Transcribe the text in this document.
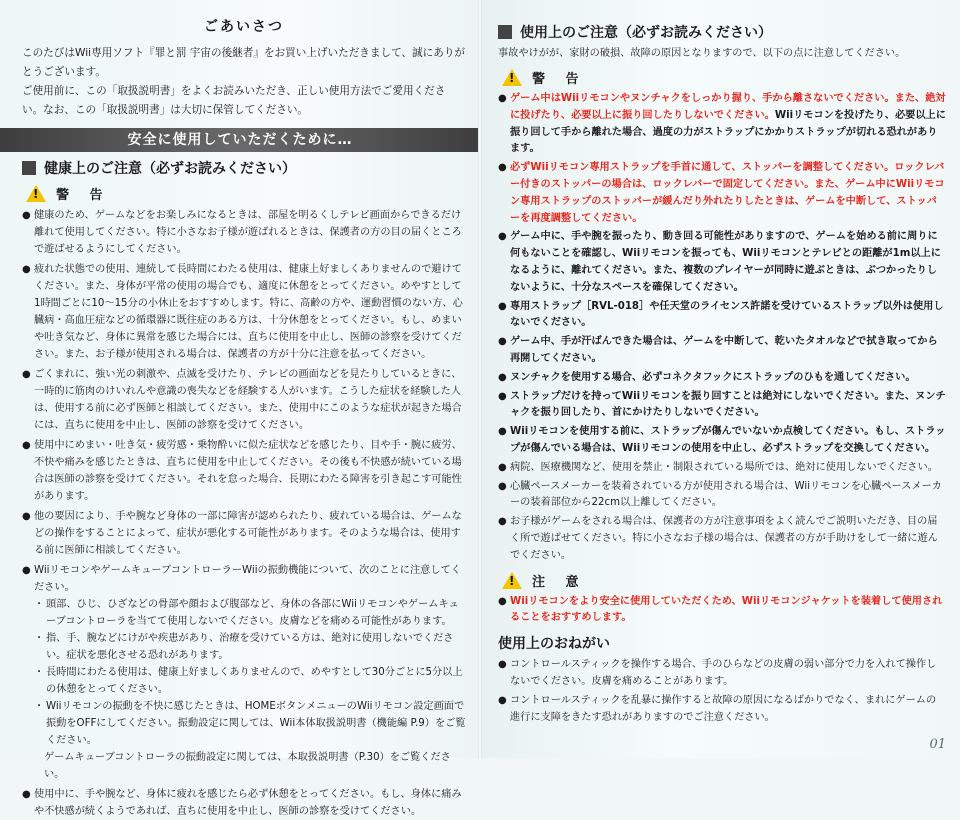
ごあいさつ

このたびはWii専用ソフト『罪と罰 宇宙の後継者』をお買い上げいただきまして、誠にありがとうございます。

ご使用前に、この「取扱説明書」をよくお読みいただき、正しい使用方法でご愛用ください。なお、この「取扱説明書」は大切に保管してください。

安全に使用していただくために…
健康上のご注意（必ずお読みください）
!
警 告
● 健康のため、ゲームなどをお楽しみになるときは、部屋を明るくしテレビ画面からできるだけ離れて使用してください。特に小さなお子様が遊ばれるときは、保護者の方の目の届くところで遊ばせるようにしてください。
● 疲れた状態での使用、連続して長時間にわたる使用は、健康上好ましくありませんので避けてください。また、身体が平常の使用の場合でも、適度に休憩をとってください。めやすとして1時間ごとに10〜15分の小休止をおすすめします。特に、高齢の方や、運動習慣のない方、心臓病・高血圧症などの循環器に既往症のある方は、十分休憩をとってください。もし、めまいや吐き気など、身体に異常を感じた場合には、直ちに使用を中止し、医師の診察を受けてください。また、お子様が使用される場合は、保護者の方が十分に注意を払ってください。
● ごくまれに、強い光の刺激や、点滅を受けたり、テレビの画面などを見たりしているときに、一時的に筋肉のけいれんや意識の喪失などを経験する人がいます。こうした症状を経験した人は、使用する前に必ず医師と相談してください。また、使用中にこのような症状が起きた場合には、直ちに使用を中止し、医師の診察を受けてください。
● 使用中にめまい・吐き気・疲労感・乗物酔いに似た症状などを感じたり、目や手・腕に疲労、不快や痛みを感じたときは、直ちに使用を中止してください。その後も不快感が続いている場合は医師の診察を受けてください。それを怠った場合、長期にわたる障害を引き起こす可能性があります。
● 他の要因により、手や腕など身体の一部に障害が認められたり、疲れている場合は、ゲームなどの操作をすることによって、症状が悪化する可能性があります。そのような場合は、使用する前に医師に相談してください。
● WiiリモコンやゲームキューブコントローラーWiiの振動機能について、次のことに注意してください。
・ 頭部、ひじ、ひざなどの骨部や顔および腹部など、身体の各部にWiiリモコンやゲームキューブコントローラを当てて使用しないでください。皮膚などを痛める可能性があります。
・ 指、手、腕などにけがや疾患があり、治療を受けている方は、絶対に使用しないでください。症状を悪化させる恐れがあります。
・ 長時間にわたる使用は、健康上好ましくありませんので、めやすとして30分ごとに5分以上の休憩をとってください。
・ Wiiリモコンの振動を不快に感じたときは、HOMEボタンメニューのWiiリモコン設定画面で振動をOFFにしてください。振動設定に関しては、Wii本体取扱説明書（機能編 P.9）をご覧ください。
ゲームキューブコントローラの振動設定に関しては、本取扱説明書（P.30）をご覧ください。
● 使用中に、手や腕など、身体に疲れを感じたら必ず休憩をとってください。もし、身体に痛みや不快感が続くようであれば、直ちに使用を中止し、医師の診察を受けてください。
使用上のご注意（必ずお読みください）

事故やけがが、家財の破損、故障の原因となりますので、以下の点に注意してください。

!
警 告
● ゲーム中はWiiリモコンやヌンチャクをしっかり握り、手から離さないでください。また、絶対に投げたり、必要以上に振り回したりしないでください。Wiiリモコンを投げたり、必要以上に振り回して手から離れた場合、過度の力がストラップにかかりストラップが切れる恐れがあります。
● 必ずWiiリモコン専用ストラップを手首に通して、ストッパーを調整してください。ロックレバー付きのストッパーの場合は、ロックレバーで固定してください。また、ゲーム中にWiiリモコン専用ストラップのストッパーが緩んだり外れたりしたときは、ゲームを中断して、ストッパーを再度調整してください。
● ゲーム中に、手や腕を振ったり、動き回る可能性がありますので、ゲームを始める前に周りに何もないことを確認し、Wiiリモコンを振っても、Wiiリモコンとテレビとの距離が1m以上になるように、離れてください。また、複数のプレイヤーが同時に遊ぶときは、ぶつかったりしないように、十分なスペースを確保してください。
● 専用ストラップ［RVL-018］や任天堂のライセンス許諾を受けているストラップ以外は使用しないでください。
● ゲーム中、手が汗ばんできた場合は、ゲームを中断して、乾いたタオルなどで拭き取ってから再開してください。
● ヌンチャクを使用する場合、必ずコネクタフックにストラップのひもを通してください。
● ストラップだけを持ってWiiリモコンを振り回すことは絶対にしないでください。また、ヌンチャクを振り回したり、首にかけたりしないでください。
● Wiiリモコンを使用する前に、ストラップが傷んでいないか点検してください。もし、ストラップが傷んでいる場合は、Wiiリモコンの使用を中止し、必ずストラップを交換してください。
● 病院、医療機関など、使用を禁止・制限されている場所では、絶対に使用しないでください。
● 心臓ペースメーカーを装着されている方が使用される場合は、Wiiリモコンを心臓ペースメーカーの装着部位から22cm以上離してください。
● お子様がゲームをされる場合は、保護者の方が注意事項をよく読んでご説明いただき、目の届く所で遊ばせてください。特に小さなお子様の場合は、保護者の方が手助けをして一緒に遊んでください。
!
注 意
● Wiiリモコンをより安全に使用していただくため、Wiiリモコンジャケットを装着して使用されることをおすすめします。
使用上のおねがい
● コントロールスティックを操作する場合、手のひらなどの皮膚の弱い部分で力を入れて操作しないでください。皮膚を痛めることがあります。
● コントロールスティックを乱暴に操作すると故障の原因になるばかりでなく、まれにゲームの進行に支障をきたす恐れがありますのでご注意ください。
01
